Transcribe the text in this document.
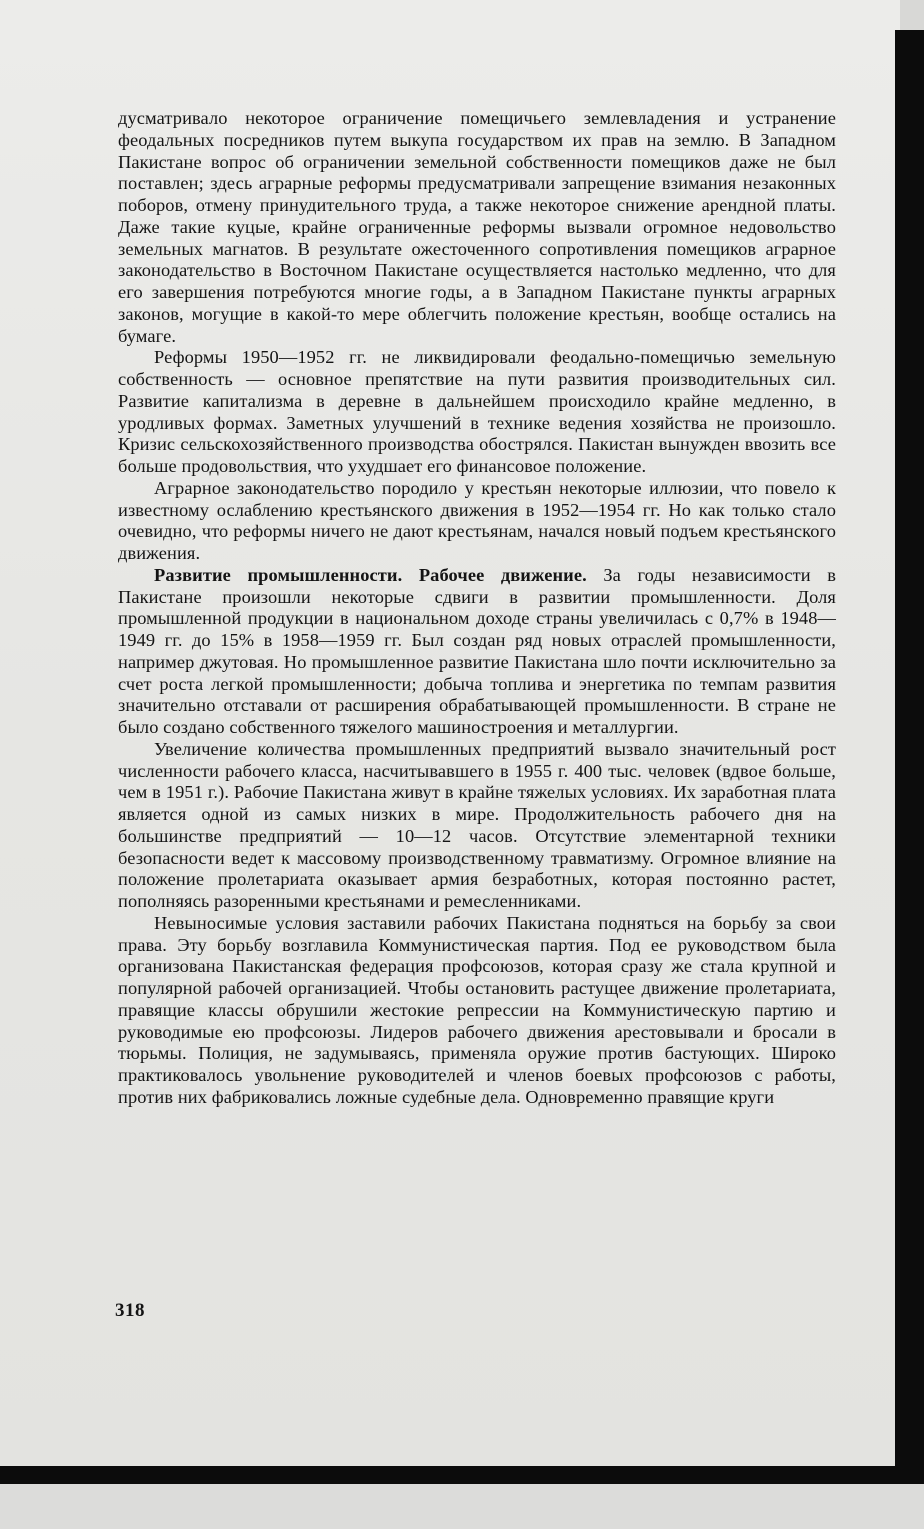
дусматривало некоторое ограничение помещичьего землевладения и устранение феодальных посредников путем выкупа государством их прав на землю. В Западном Пакистане вопрос об ограничении земельной собственности помещиков даже не был поставлен; здесь аграрные реформы предусматривали запрещение взимания незаконных поборов, отмену принудительного труда, а также некоторое снижение арендной платы. Даже такие куцые, крайне ограниченные реформы вызвали огромное недовольство земельных магнатов. В результате ожесточенного сопротивления помещиков аграрное законодательство в Восточном Пакистане осуществляется настолько медленно, что для его завершения потребуются многие годы, а в Западном Пакистане пункты аграрных законов, могущие в какой-то мере облегчить положение крестьян, вообще остались на бумаге.

Реформы 1950—1952 гг. не ликвидировали феодально-помещичью земельную собственность — основное препятствие на пути развития производительных сил. Развитие капитализма в деревне в дальнейшем происходило крайне медленно, в уродливых формах. Заметных улучшений в технике ведения хозяйства не произошло. Кризис сельскохозяйственного производства обострялся. Пакистан вынужден ввозить все больше продовольствия, что ухудшает его финансовое положение.

Аграрное законодательство породило у крестьян некоторые иллюзии, что повело к известному ослаблению крестьянского движения в 1952—1954 гг. Но как только стало очевидно, что реформы ничего не дают крестьянам, начался новый подъем крестьянского движения.

Развитие промышленности. Рабочее движение. За годы независимости в Пакистане произошли некоторые сдвиги в развитии промышленности. Доля промышленной продукции в национальном доходе страны увеличилась с 0,7% в 1948—1949 гг. до 15% в 1958—1959 гг. Был создан ряд новых отраслей промышленности, например джутовая. Но промышленное развитие Пакистана шло почти исключительно за счет роста легкой промышленности; добыча топлива и энергетика по темпам развития значительно отставали от расширения обрабатывающей промышленности. В стране не было создано собственного тяжелого машиностроения и металлургии.

Увеличение количества промышленных предприятий вызвало значительный рост численности рабочего класса, насчитывавшего в 1955 г. 400 тыс. человек (вдвое больше, чем в 1951 г.). Рабочие Пакистана живут в крайне тяжелых условиях. Их заработная плата является одной из самых низких в мире. Продолжительность рабочего дня на большинстве предприятий — 10—12 часов. Отсутствие элементарной техники безопасности ведет к массовому производственному травматизму. Огромное влияние на положение пролетариата оказывает армия безработных, которая постоянно растет, пополняясь разоренными крестьянами и ремесленниками.

Невыносимые условия заставили рабочих Пакистана подняться на борьбу за свои права. Эту борьбу возглавила Коммунистическая партия. Под ее руководством была организована Пакистанская федерация профсоюзов, которая сразу же стала крупной и популярной рабочей организацией. Чтобы остановить растущее движение пролетариата, правящие классы обрушили жестокие репрессии на Коммунистическую партию и руководимые ею профсоюзы. Лидеров рабочего движения арестовывали и бросали в тюрьмы. Полиция, не задумываясь, применяла оружие против бастующих. Широко практиковалось увольнение руководителей и членов боевых профсоюзов с работы, против них фабриковались ложные судебные дела. Одновременно правящие круги

318
